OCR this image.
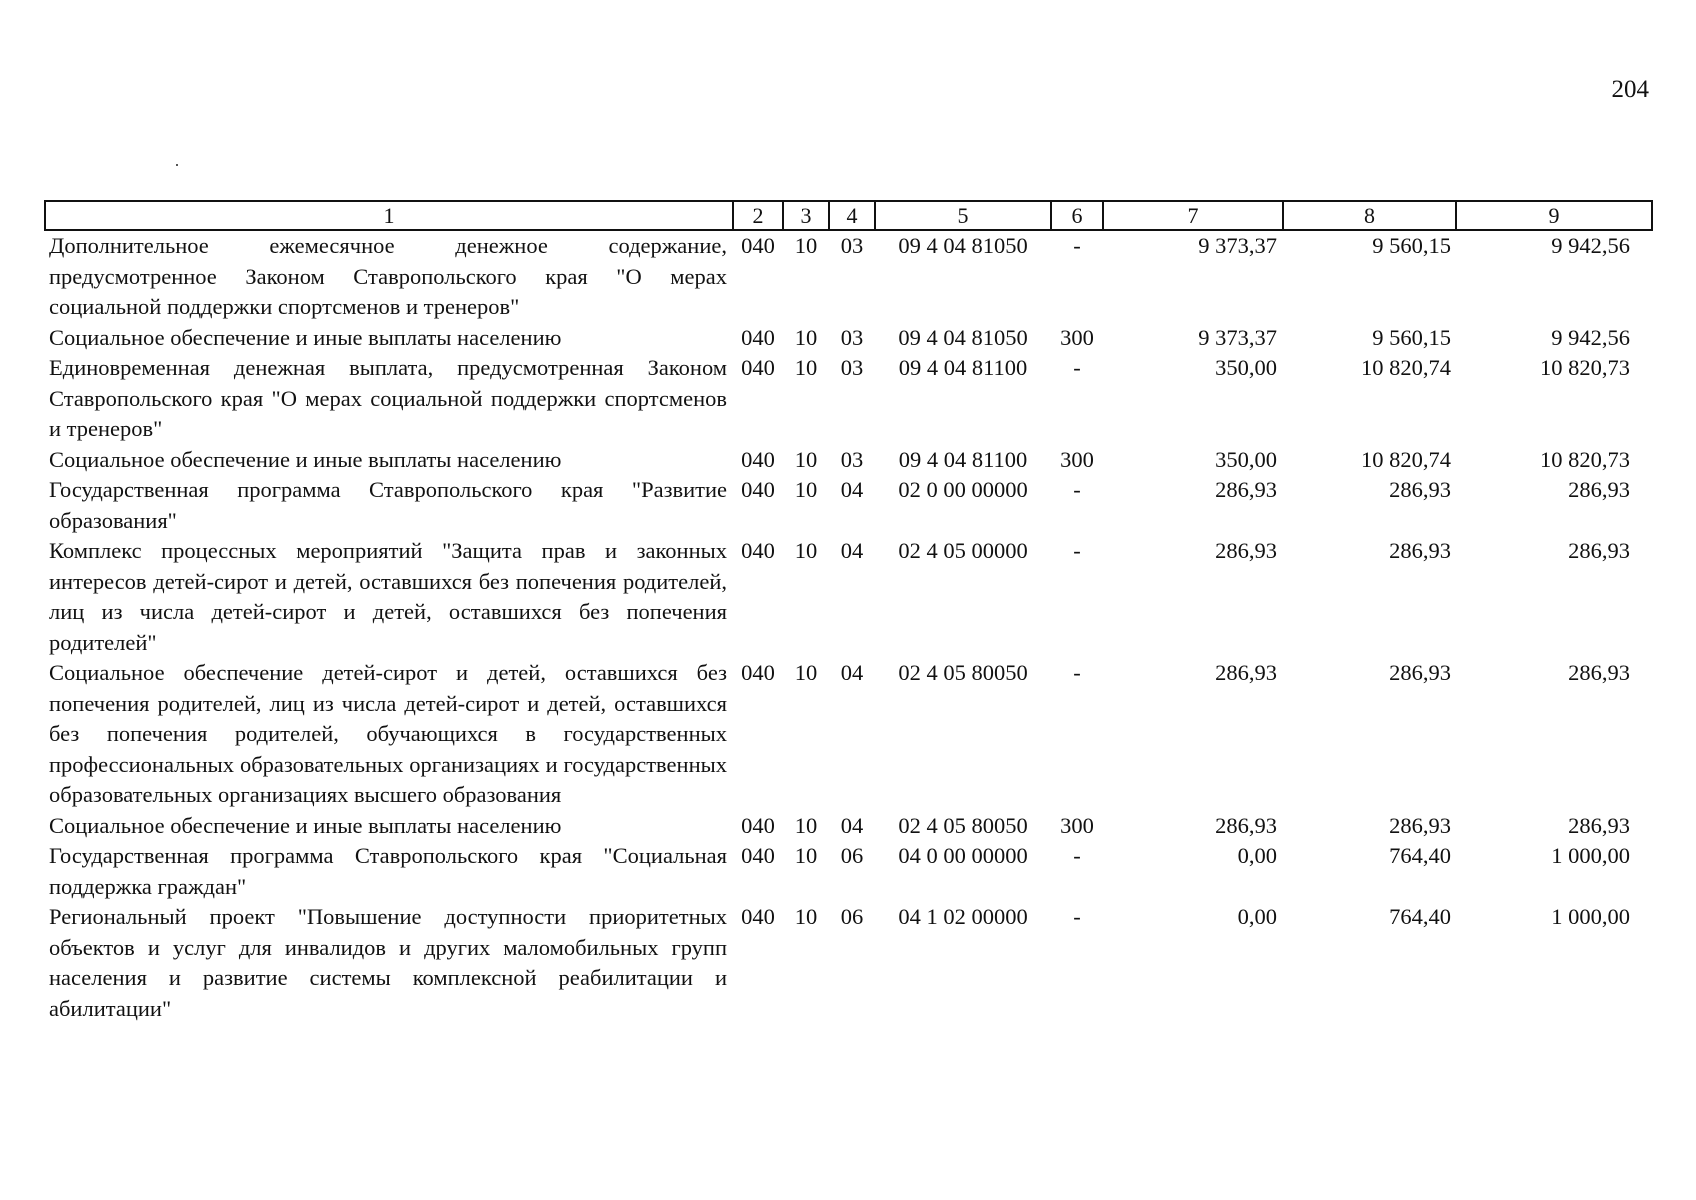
204
1	2	3	4	5	6	7	8	9
Дополнительное ежемесячное денежное содержание, предусмотренное Законом Ставропольского края "О мерах социальной поддержки спортсменов и тренеров"	040	10	03	09 4 04 81050	-	9 373,37	9 560,15	9 942,56
Социальное обеспечение и иные выплаты населению	040	10	03	09 4 04 81050	300	9 373,37	9 560,15	9 942,56
Единовременная денежная выплата, предусмотренная Законом Ставропольского края "О мерах социальной поддержки спортсменов и тренеров"	040	10	03	09 4 04 81100	-	350,00	10 820,74	10 820,73
Социальное обеспечение и иные выплаты населению	040	10	03	09 4 04 81100	300	350,00	10 820,74	10 820,73
Государственная программа Ставропольского края "Развитие образования"	040	10	04	02 0 00 00000	-	286,93	286,93	286,93
Комплекс процессных мероприятий "Защита прав и законных интересов детей-сирот и детей, оставшихся без попечения родителей, лиц из числа детей-сирот и детей, оставшихся без попечения родителей"	040	10	04	02 4 05 00000	-	286,93	286,93	286,93
Социальное обеспечение детей-сирот и детей, оставшихся без попечения родителей, лиц из числа детей-сирот и детей, оставшихся без попечения родителей, обучающихся в государственных профессиональных образовательных организациях и государственных образовательных организациях высшего образования	040	10	04	02 4 05 80050	-	286,93	286,93	286,93
Социальное обеспечение и иные выплаты населению	040	10	04	02 4 05 80050	300	286,93	286,93	286,93
Государственная программа Ставропольского края "Социальная поддержка граждан"	040	10	06	04 0 00 00000	-	0,00	764,40	1 000,00
Региональный проект "Повышение доступности приоритетных объектов и услуг для инвалидов и других маломобильных групп населения и развитие системы комплексной реабилитации и абилитации"	040	10	06	04 1 02 00000	-	0,00	764,40	1 000,00
